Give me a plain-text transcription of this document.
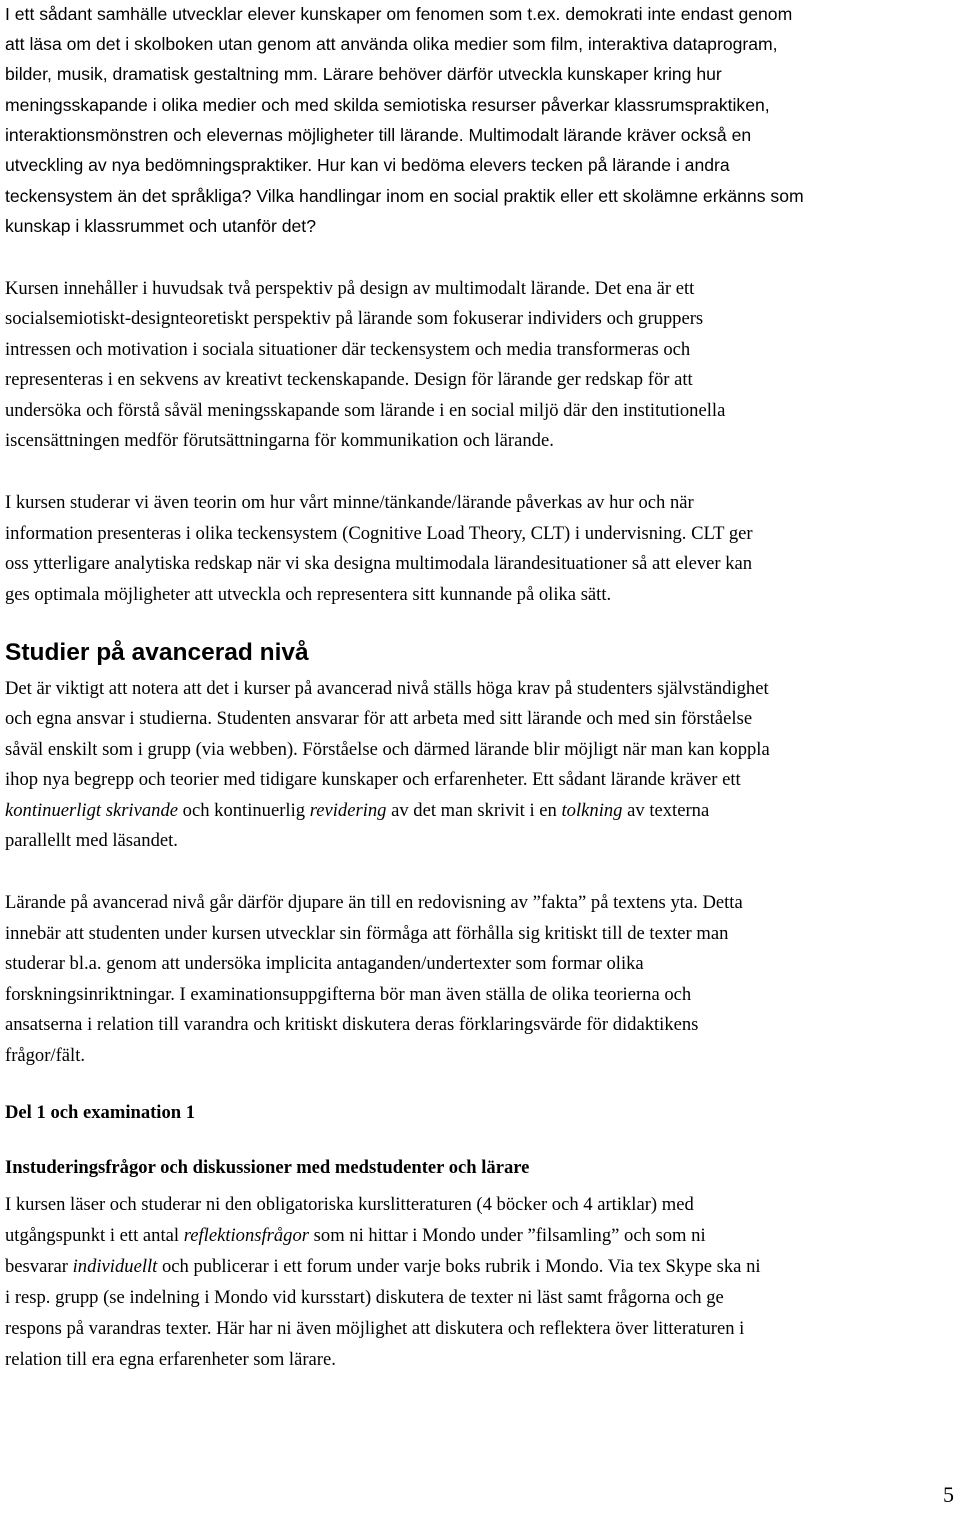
I ett sådant samhälle utvecklar elever kunskaper om fenomen som t.ex. demokrati inte endast genom
att läsa om det i skolboken utan genom att använda olika medier som film, interaktiva dataprogram,
bilder, musik, dramatisk gestaltning mm. Lärare behöver därför utveckla kunskaper kring hur
meningsskapande i olika medier och med skilda semiotiska resurser påverkar klassrumspraktiken,
interaktionsmönstren och elevernas möjligheter till lärande. Multimodalt lärande kräver också en
utveckling av nya bedömningspraktiker. Hur kan vi bedöma elevers tecken på lärande i andra
teckensystem än det språkliga? Vilka handlingar inom en social praktik eller ett skolämne erkänns som
kunskap i klassrummet och utanför det?
Kursen innehåller i huvudsak två perspektiv på design av multimodalt lärande. Det ena är ett
socialsemiotiskt-designteoretiskt perspektiv på lärande som fokuserar individers och gruppers
intressen och motivation i sociala situationer där teckensystem och media transformeras och
representeras i en sekvens av kreativt teckenskapande. Design för lärande ger redskap för att
undersöka och förstå såväl meningsskapande som lärande i en social miljö där den institutionella
iscensättningen medför förutsättningarna för kommunikation och lärande.
I kursen studerar vi även teorin om hur vårt minne/tänkande/lärande påverkas av hur och när
information presenteras i olika teckensystem (Cognitive Load Theory, CLT) i undervisning. CLT ger
oss ytterligare analytiska redskap när vi ska designa multimodala lärandesituationer så att elever kan
ges optimala möjligheter att utveckla och representera sitt kunnande på olika sätt.
Studier på avancerad nivå
Det är viktigt att notera att det i kurser på avancerad nivå ställs höga krav på studenters självständighet
och egna ansvar i studierna. Studenten ansvarar för att arbeta med sitt lärande och med sin förståelse
såväl enskilt som i grupp (via webben). Förståelse och därmed lärande blir möjligt när man kan koppla
ihop nya begrepp och teorier med tidigare kunskaper och erfarenheter. Ett sådant lärande kräver ett
kontinuerligt skrivande och kontinuerlig revidering av det man skrivit i en tolkning av texterna
parallellt med läsandet.
Lärande på avancerad nivå går därför djupare än till en redovisning av ”fakta” på textens yta. Detta
innebär att studenten under kursen utvecklar sin förmåga att förhålla sig kritiskt till de texter man
studerar bl.a. genom att undersöka implicita antaganden/undertexter som formar olika
forskningsinriktningar. I examinationsuppgifterna bör man även ställa de olika teorierna och
ansatserna i relation till varandra och kritiskt diskutera deras förklaringsvärde för didaktikens
frågor/fält.
Del 1 och examination 1
Instuderingsfrågor och diskussioner med medstudenter och lärare
I kursen läser och studerar ni den obligatoriska kurslitteraturen (4 böcker och 4 artiklar) med
utgångspunkt i ett antal reflektionsfrågor som ni hittar i Mondo under ”filsamling” och som ni
besvarar individuellt och publicerar i ett forum under varje boks rubrik i Mondo. Via tex Skype ska ni
i resp. grupp (se indelning i Mondo vid kursstart) diskutera de texter ni läst samt frågorna och ge
respons på varandras texter. Här har ni även möjlighet att diskutera och reflektera över litteraturen i
relation till era egna erfarenheter som lärare.
5
